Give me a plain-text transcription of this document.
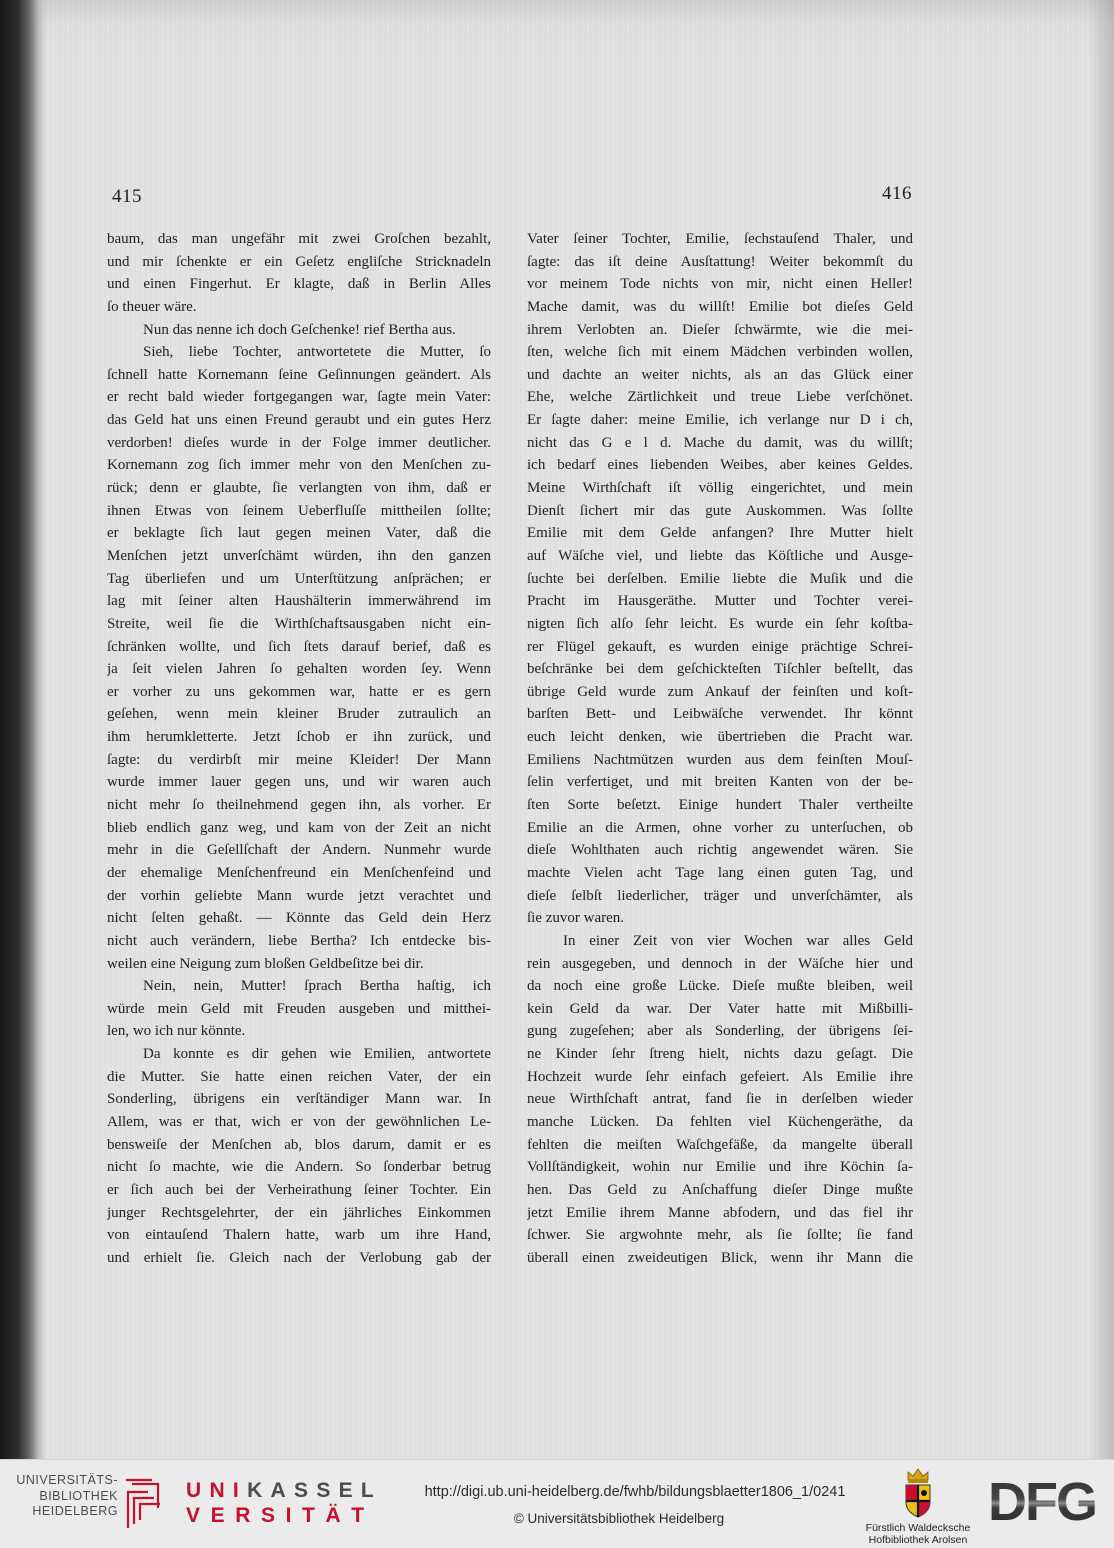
415	416
baum, das man ungefähr mit zwei Groſchen bezahlt,
und mir ſchenkte er ein Geſetz engliſche Stricknadeln
und einen Fingerhut. Er klagte, daß in Berlin Alles
ſo theuer wäre.
Nun das nenne ich doch Geſchenke! rief Bertha aus.
Sieh, liebe Tochter, antwortetete die Mutter, ſo
ſchnell hatte Kornemann ſeine Geſinnungen geändert. Als
er recht bald wieder fortgegangen war, ſagte mein Vater:
das Geld hat uns einen Freund geraubt und ein gutes Herz
verdorben! dieſes wurde in der Folge immer deutlicher.
Kornemann zog ſich immer mehr von den Menſchen zu-
rück; denn er glaubte, ſie verlangten von ihm, daß er
ihnen Etwas von ſeinem Ueberfluſſe mittheilen ſollte;
er beklagte ſich laut gegen meinen Vater, daß die
Menſchen jetzt unverſchämt würden, ihn den ganzen
Tag überliefen und um Unterſtützung anſprächen; er
lag mit ſeiner alten Haushälterin immerwährend im
Streite, weil ſie die Wirthſchaftsausgaben nicht ein-
ſchränken wollte, und ſich ſtets darauf berief, daß es
ja ſeit vielen Jahren ſo gehalten worden ſey. Wenn
er vorher zu uns gekommen war, hatte er es gern
geſehen, wenn mein kleiner Bruder zutraulich an
ihm herumkletterte. Jetzt ſchob er ihn zurück, und
ſagte: du verdirbſt mir meine Kleider! Der Mann
wurde immer lauer gegen uns, und wir waren auch
nicht mehr ſo theilnehmend gegen ihn, als vorher. Er
blieb endlich ganz weg, und kam von der Zeit an nicht
mehr in die Geſellſchaft der Andern. Nunmehr wurde
der ehemalige Menſchenfreund ein Menſchenfeind und
der vorhin geliebte Mann wurde jetzt verachtet und
nicht ſelten gehaßt. — Könnte das Geld dein Herz
nicht auch verändern, liebe Bertha? Ich entdecke bis-
weilen eine Neigung zum bloßen Geldbeſitze bei dir.
Nein, nein, Mutter! ſprach Bertha haſtig, ich
würde mein Geld mit Freuden ausgeben und mitthei-
len, wo ich nur könnte.
Da konnte es dir gehen wie Emilien, antwortete
die Mutter. Sie hatte einen reichen Vater, der ein
Sonderling, übrigens ein verſtändiger Mann war. In
Allem, was er that, wich er von der gewöhnlichen Le-
bensweiſe der Menſchen ab, blos darum, damit er es
nicht ſo machte, wie die Andern. So ſonderbar betrug
er ſich auch bei der Verheirathung ſeiner Tochter. Ein
junger Rechtsgelehrter, der ein jährliches Einkommen
von eintauſend Thalern hatte, warb um ihre Hand,
und erhielt ſie. Gleich nach der Verlobung gab der
Vater ſeiner Tochter, Emilie, ſechstauſend Thaler, und
ſagte: das iſt deine Ausſtattung! Weiter bekommſt du
vor meinem Tode nichts von mir, nicht einen Heller!
Mache damit, was du willſt! Emilie bot dieſes Geld
ihrem Verlobten an. Dieſer ſchwärmte, wie die mei-
ſten, welche ſich mit einem Mädchen verbinden wollen,
und dachte an weiter nichts, als an das Glück einer
Ehe, welche Zärtlichkeit und treue Liebe verſchönet.
Er ſagte daher: meine Emilie, ich verlange nur D i ch,
nicht das G e l d. Mache du damit, was du willſt;
ich bedarf eines liebenden Weibes, aber keines Geldes.
Meine Wirthſchaft iſt völlig eingerichtet, und mein
Dienſt ſichert mir das gute Auskommen. Was ſollte
Emilie mit dem Gelde anfangen? Ihre Mutter hielt
auf Wäſche viel, und liebte das Köſtliche und Ausge-
ſuchte bei derſelben. Emilie liebte die Muſik und die
Pracht im Hausgeräthe. Mutter und Tochter verei-
nigten ſich alſo ſehr leicht. Es wurde ein ſehr koſtba-
rer Flügel gekauft, es wurden einige prächtige Schrei-
beſchränke bei dem geſchickteſten Tiſchler beſtellt, das
übrige Geld wurde zum Ankauf der feinſten und koſt-
barſten Bett- und Leibwäſche verwendet. Ihr könnt
euch leicht denken, wie übertrieben die Pracht war.
Emiliens Nachtmützen wurden aus dem feinſten Mouſ-
ſelin verfertiget, und mit breiten Kanten von der be-
ſten Sorte beſetzt. Einige hundert Thaler vertheilte
Emilie an die Armen, ohne vorher zu unterſuchen, ob
dieſe Wohlthaten auch richtig angewendet wären. Sie
machte Vielen acht Tage lang einen guten Tag, und
dieſe ſelbſt liederlicher, träger und unverſchämter, als
ſie zuvor waren.
In einer Zeit von vier Wochen war alles Geld
rein ausgegeben, und dennoch in der Wäſche hier und
da noch eine große Lücke. Dieſe mußte bleiben, weil
kein Geld da war. Der Vater hatte mit Mißbilli-
gung zugeſehen; aber als Sonderling, der übrigens ſei-
ne Kinder ſehr ſtreng hielt, nichts dazu geſagt. Die
Hochzeit wurde ſehr einfach gefeiert. Als Emilie ihre
neue Wirthſchaft antrat, fand ſie in derſelben wieder
manche Lücken. Da fehlten viel Küchengeräthe, da
fehlten die meiſten Waſchgefäße, da mangelte überall
Vollſtändigkeit, wohin nur Emilie und ihre Köchin ſa-
hen. Das Geld zu Anſchaffung dieſer Dinge mußte
jetzt Emilie ihrem Manne abfodern, und das fiel ihr
ſchwer. Sie argwohnte mehr, als ſie ſollte; ſie fand
überall einen zweideutigen Blick, wenn ihr Mann die
UNIVERSITÄTS-
BIBLIOTHEK
HEIDELBERG
UNIKASSEL
VERSITÄT
http://digi.ub.uni-heidelberg.de/fwhb/bildungsblaetter1806_1/0241
© Universitätsbibliothek Heidelberg
Fürstlich Waldecksche
Hofbibliothek Arolsen
DFG
